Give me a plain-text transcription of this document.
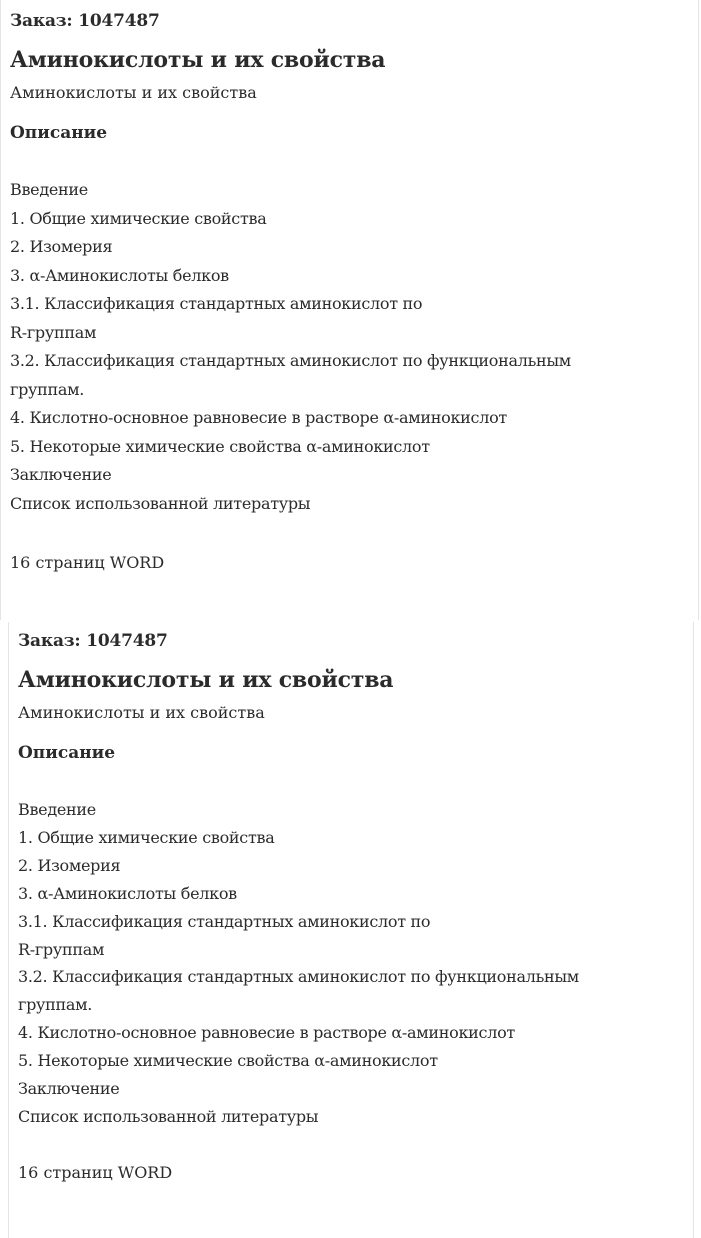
Заказ: 1047487

Аминокислоты и их свойства

Аминокислоты и их свойства

Описание
Введение
1. Общие химические свойства
2. Изомерия
3. α-Аминокислоты белков
3.1. Классификация стандартных аминокислот по
R-группам
3.2. Классификация стандартных аминокислот по функциональным
группам.
4. Кислотно-основное равновесие в растворе α-аминокислот
5. Некоторые химические свойства α-аминокислот
Заключение
Список использованной литературы

16 страниц WORD

Заказ: 1047487

Аминокислоты и их свойства

Аминокислоты и их свойства

Описание
Введение
1. Общие химические свойства
2. Изомерия
3. α-Аминокислоты белков
3.1. Классификация стандартных аминокислот по
R-группам
3.2. Классификация стандартных аминокислот по функциональным
группам.
4. Кислотно-основное равновесие в растворе α-аминокислот
5. Некоторые химические свойства α-аминокислот
Заключение
Список использованной литературы

16 страниц WORD
